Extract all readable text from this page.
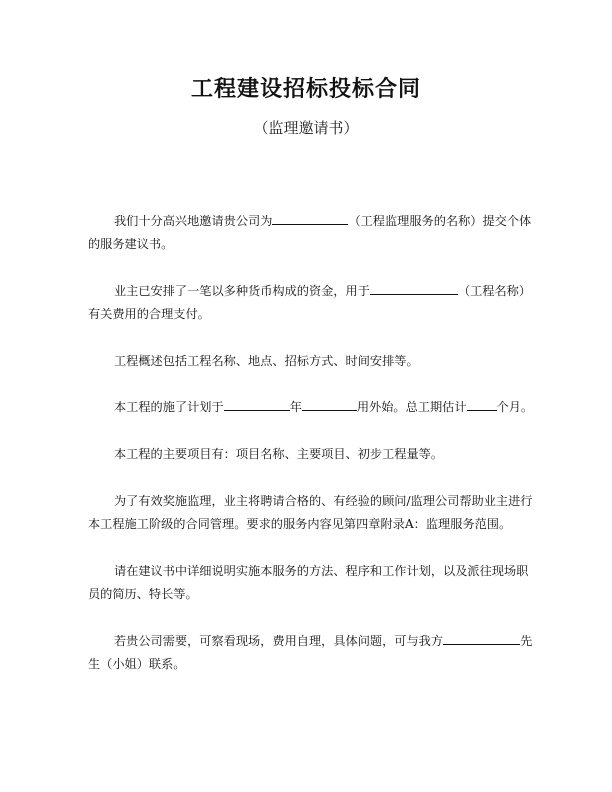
工程建设招标投标合同
（监理邀请书）
我们十分高兴地邀请贵公司为	（工程监理服务的名称）提交个体
的服务建议书。
业主已安排了一笔以多种货币构成的资金，用于	（工程名称）
有关费用的合理支付。
工程概述包括工程名称、地点、招标方式、时间安排等。
本工程的施了计划于	年	用外始。总工期估计 个月。
本工程的主要项目有：项目名称、主要项目、初步工程量等。
为了有效奖施监理，业主将聘请合格的、有经验的顾问/监理公司帮助业主进行
本工程施工阶级的合同管理。要求的服务内容见第四章附录A：监理服务范围。
请在建议书中详细说明实施本服务的方法、程序和工作计划，以及派往现场职
员的简历、特长等。
若贵公司需要，可察看现场，费用自理，具体问题，可与我方	先
生（小姐）联系。
